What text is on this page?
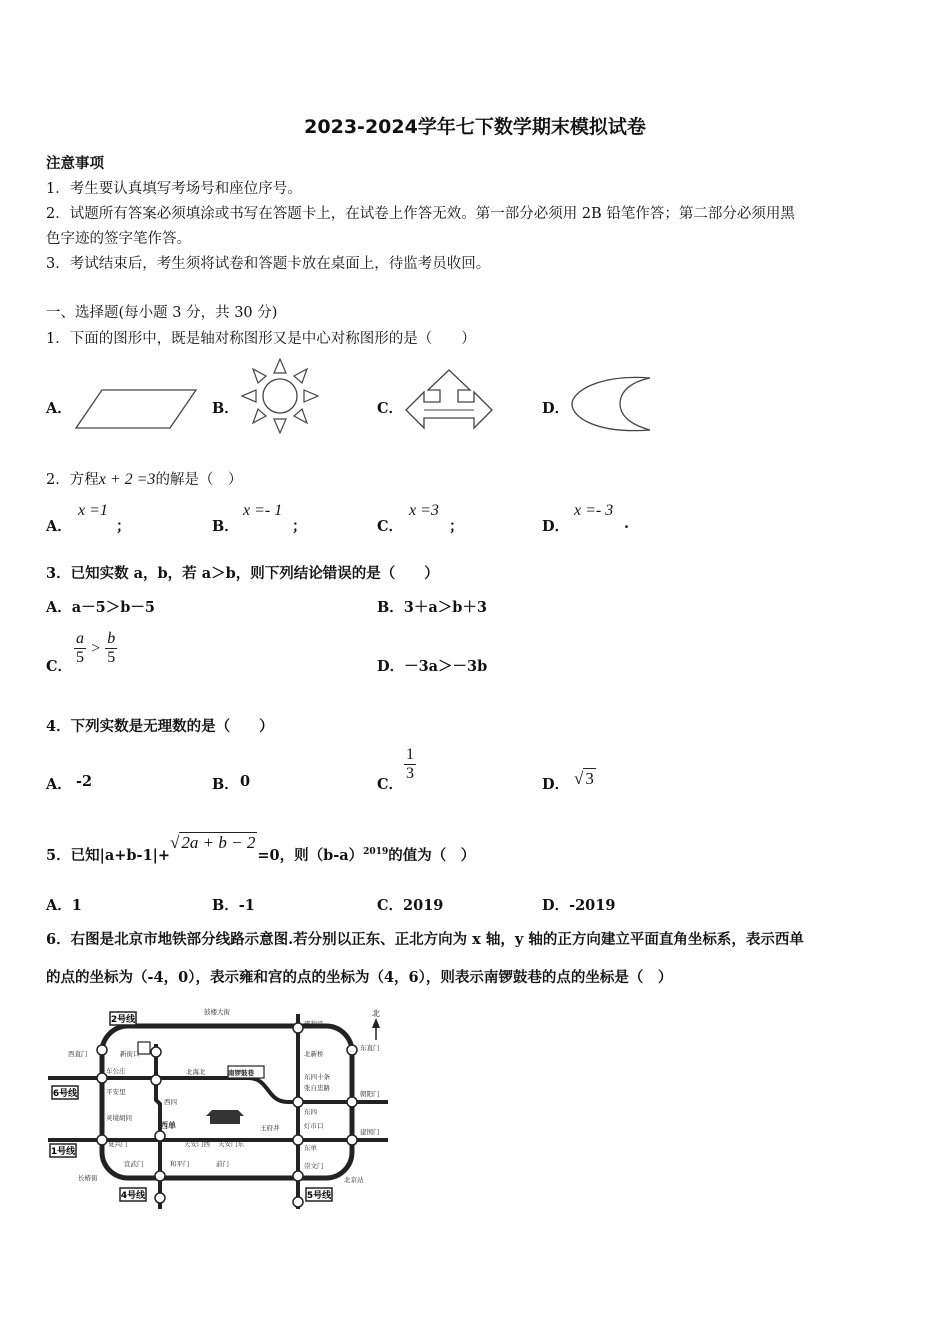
2023-2024学年七下数学期末模拟试卷
注意事项
1．考生要认真填写考场号和座位序号。
2．试题所有答案必须填涂或书写在答题卡上，在试卷上作答无效。第一部分必须用 2B 铅笔作答；第二部分必须用黑
色字迹的签字笔作答。
3．考试结束后，考生须将试卷和答题卡放在桌面上，待监考员收回。
一、选择题(每小题 3 分，共 30 分)
1．下面的图形中，既是轴对称图形又是中心对称图形的是（　　）
A．	B．	C．	D．
2．方程x + 2 =3的解是（　）
A．
x =1
；	B．
x =- 1
；	C．
x =3
；	D．
x =- 3
.
3．已知实数 a，b，若 a＞b，则下列结论错误的是（　　）
A．a－5＞b－5	B．3＋a＞b＋3
C． $\frac{a}{5} > \frac{b}{5}$	D．－3a＞－3b
4．下列实数是无理数的是（　　）
A． -2	B． 0	C．
$\frac{1}{3}$
D． √ 3
5．已知|a+b-1|+√ 2a + b − 2=0，则$(b-a)^{2019}$的值为（　）
A．1	B．-1	C．2019	D．-2019
6．右图是北京市地铁部分线路示意图.若分别以正东、正北方向为 x 轴，y 轴的正方向建立平面直角坐标系，表示西单
的点的坐标为（-4，0），表示雍和宫的点的坐标为（4，6），则表示南锣鼓巷的点的坐标是（　）
2号线
6号线
1号线
4号线	5号线
北
鼓楼大街
雍和宫
东直门
北新桥
东四十条
张自忠路
朝阳门
东四
西直门	新街口
车公庄
平安里
北海北	南锣鼓巷
西四
灵境胡同
西单
天安门西 天安门东
王府井	灯市口
东单
建国门
复兴门
宣武门	和平门	前门	崇文门
长椿街	北京站
